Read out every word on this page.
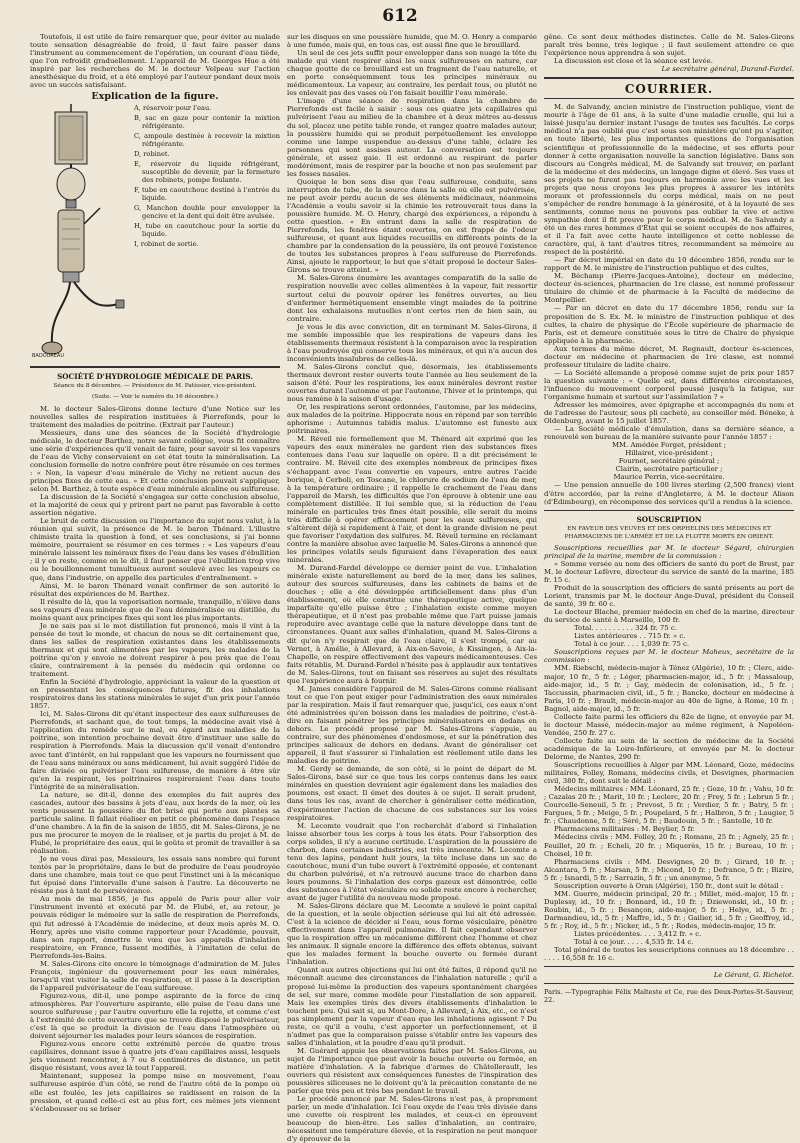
612

Toutefois, il est utile de faire remarquer que, pour éviter au malade toute sensation désagréable de froid, il faut faire passer dans l'instrument au commencement de l'opération, un courant d'eau tiède, que l'on refroidit graduellement. L'appareil de M. Georges Hue a été inspiré par les recherches de M. le docteur Velpeau sur l'action anesthésique du froid, et a été employé par l'auteur pendant deux mois avec un succès satisfaisant.

Explication de la figure.
BADOUREAU
A, réservoir pour l'eau.
B, sac en gaze pour contenir la mixtion réfrigérante.
C, ampoule destinée à recevoir la mixtion réfrigérante.
D, robinet.
E, réservoir du liquide réfrigérant, susceptible de devenir, par la fermeture des robinets, pompe foulante.
F, tube en caoutchouc destiné à l'entrée du liquide.
G, Manchon double pour envelopper la gencive et la dent qui doit être avulsée.
H, tube en caoutchouc pour la sortie du liquide.
I, robinet de sortie.
SOCIÉTÉ D'HYDROLOGIE MÉDICALE DE PARIS.
Séance du 8 décembre. — Présidence de M. Patissier, vice-président.
(Suite. — Voir le numéro du 16 décembre.)

M. le docteur Sales-Girons donne lecture d'une Notice sur les nouvelles salles de respiration instituées à Pierrefonds, pour le traitement des maladies de poitrine. (Extrait par l'auteur.)

Messieurs, dans une des séances de la Société d'hydrologie médicale, le docteur Barthez, notre savant collègue, vous fit connaître une série d'expériences qu'il venait de faire, pour savoir si les vapeurs de l'eau de Vichy conservaient en cet état toute la minéralisation. La conclusion formelle de notre confrère peut être résumée en ces termes : « Non, la vapeur d'eau minérale de Vichy ne retient aucun des principes fixes de cette eau. » Et cette conclusion pouvait s'appliquer, selon M. Barthez, à toute espèce d'eau minérale alcaline ou sulfureuse.

La discussion de la Société s'engagea sur cette conclusion absolue, et la majorité de ceux qui y prirent part ne parut pas favorable à cette assertion négative.

Le bruit de cette discussion ou l'importance du sujet nous valut, à la réunion qui suivit, la présence de M. le baron Thénard. L'illustre chimiste traita la question à fond, et ses conclusions, si j'ai bonne mémoire, pourraient se résumer en ces termes : « Les vapeurs d'eau minérale laissent les minéraux fixes de l'eau dans les vases d'ébullition ; il y en reste, comme on le dit, il faut penser que l'ébullition trop vive ou le bouillonnement tumultueux auront soulevé avec les vapeurs ce que, dans l'industrie, on appelle des particules d'entraînement. »

Ainsi, M. le baron Thénard venait confirmer de son autorité le résultat des expériences de M. Barthez.

Il résulte de là, que la vaporisation normale, tranquille, n'élève dans ses vapeurs d'eau minérale que de l'eau déminéralisée ou distillée, du moins quant aux principes fixes qui sont les plus importants.

Je ne sais pas si le mot distillation fut prononcé, mais il vint à la pensée de tout le monde, et chacun de nous se dit certainement que, dans les salles de respiration existantes dans les établissements thermaux et qui sont alimentées par les vapeurs, les malades de la poitrine qu'on y envoie ne doivent respirer à peu près que de l'eau claire, contrairement à la pensée du médecin qui ordonne ce traitement.

Enfin la Société d'hydrologie, appréciant la valeur de la question et en pressentant les conséquences futures, fit des inhalations respiratoires dans les stations minérales le sujet d'un prix pour l'année 1857.

Ici, M. Sales-Girons dit qu'étant inspecteur des eaux sulfureuses de Pierrefonds, et sachant que, de tout temps, la médecine avait visé à l'application du remède sur le mal, eu égard aux maladies de la poitrine, son intention prochaine devait être d'instituer une salle de respiration à Pierrefonds. Mais la discussion qu'il venait d'entendre avec tant d'intérêt, en lui rappelant que les vapeurs ne fournissent que de l'eau sans minéraux ou sans médicament, lui avait suggéré l'idée de faire divisée ou pulvériser l'eau sulfureuse, de manière à être sûr qu'en la respirant, les poitrinaires respireraient l'eau dans toute l'intégrité de sa minéralisation.

La nature, se dit-il, donne des exemples du fait auprès des cascades, autour des bassins à jets d'eau, aux bords de la mer, où les vents poussent la poussière du flot brisé qui porte aux plantes sa particule saline. Il fallait réaliser en petit ce phénomène dans l'espace d'une chambre. A la fin de la saison de 1855, dit M. Sales-Girons, je ne pus me procurer le moyen de le réaliser, et je partis du projet à M. de Flubé, le propriétaire des eaux, qui le goûta et promit de travailler à sa réalisation.

Je ne vous dirai pas, Messieurs, les essais sans nombre qui furent tentés par le propriétaire, dans le but de produire de l'eau poudroyée dans une chambre, mais tout ce que peut l'instinct uni à la mécanique fut épuisé dans l'intervalle d'une saison à l'autre. La découverte ne résiste pas à tant de persévérance.

Au mois de mai 1856, je fus appelé de Paris pour aller voir l'instrument inventé et exécuté par M. de Flubé, et, au retour, je pouvais rédiger le mémoire sur la salle de respiration de Pierrefonds, qui fut adressé à l'Académie de médecine, et deux mois après M. O. Henry, après une visite comme rapporteur pour l'Académie, pouvait, dans son rapport, émettre le vœu que les appareils d'inhalation respiratoire, en France, fussent modifiés, à l'imitation de celui de Pierrefonds-les-Bains.

M. Sales-Girons cite encore le témoignage d'admiration de M. Jules François, ingénieur du gouvernement pour les eaux minérales, lorsqu'il vint visiter la salle de respiration, et il passe à la description de l'appareil pulvérisateur de l'eau sulfureuse.

Figurez-vous, dit-il, une pompe aspirante de la force de cinq atmosphères. Par l'ouverture aspirante, elle puise de l'eau dans une source sulfureuse ; par l'autre ouverture elle la rejette, et comme c'est à l'extrémité de cette ouverture que se trouve disposé le pulvérisateur, c'est là que se produit la division de l'eau dans l'atmosphère où doivent séjourner les malades pour leurs séances de respiration.

Figurez-vous encore cette extrémité percée de quatre trous capillaires, donnant issue à quatre jets d'eau capillaires aussi, lesquels jets viennent rencontrer, à 7 ou 8 centimètres de distance, un petit disque résistant, vous avez là tout l'appareil.

Maintenant, supposez la pompe mise en mouvement, l'eau sulfureuse aspirée d'un côté, se rend de l'autre côté de la pompe où elle est foulée, les jets capillaires se raidissent en raison de la pression, et quand celle-ci est au plus fort, ces mêmes jets viennent s'éclabousser ou se briser

sur les disques en une poussière humide, que M. O. Henry a comparée à une fumée, mais qui, en tous cas, est aussi fine que le brouillard.

Un seul de ces jets suffit pour envelopper dans son nuage la tête du malade qui vient respirer ainsi les eaux sulfureuses en nature, car chaque goutte de ce brouillard est un fragment de l'eau naturelle, et en porte conséquemment tous les principes minéraux ou médicamenteux. La vapeur, au contraire, les perdait tous, ou plutôt ne les enlevait pas des vases où l'on faisait bouillir l'eau minérale.

L'image d'une séance de respiration dans la chambre de Pierrefonds est facile à saisir : sous ces quatre jets capillaires qui pulvérisent l'eau au milieu de la chambre et à deux mètres au-dessus du sol, placez une petite table ronde, et rangez quatre malades autour, la poussière humide qui se produit perpétuellement les enveloppe comme une lampe suspendue au-dessus d'une table, éclaire les personnes qui sont assises autour. La conversation est toujours générale, et assez gaie. Il est ordonné au respirant de parler modérément, mais de respirer par la bouche et non pas seulement par les fosses nasales.

Quoique le bon sens dise que l'eau sulfureuse, conduite, sans interruption de tube, de la source dans la salle où elle est pulvérisée, ne peut avoir perdu aucun de ses éléments médicinaux, néanmoins l'Académie a voulu savoir si la chimie les retrouverait tous dans la poussière humide. M. O. Henry, chargé des expériences, a répondu à cette question. « En entrant dans la salle de respiration de Pierrefonds, les fenêtres étant ouvertes, on est frappé de l'odeur sulfureuse, et quant aux liquides recueillis en différents points de la chambre par la condensation de la poussière, ils ont prouvé l'existence de toutes les substances propres à l'eau sulfureuse de Pierrefonds. Ainsi, ajoute le rapporteur, le but que s'était proposé le docteur Sales-Girons se trouve atteint. »

M. Sales-Girons énumère les avantages comparatifs de la salle de respiration nouvelle avec celles alimentées à la vapeur, fait ressortir surtout celui de pouvoir opérer les fenêtres ouvertes, au lieu d'enfermer hermétiquement ensemble vingt malades de la poitrine dont les exhalaisons mutuelles n'ont certes rien de bien sain, au contraire.

Je vous le dis avec conviction, dit en terminant M. Sales-Girons, il me semble impossible que les respirations de vapeurs dans les établissements thermaux résistent à la comparaison avec la respiration à l'eau poudroyée qui conserve tous les minéraux, et qui n'a aucun des inconvénients insalubres de celles-là.

M. Sales-Girons conclut que, désormais, les établissements thermaux devront rester ouverts toute l'année au lieu seulement de la saison d'été. Pour les respirations, les eaux minérales devront rester ouvertes durant l'automne et par l'automne, l'hiver et le printemps, qui nous ramène à la saison d'usage.

Or, les respirations seront ordonnées, l'automne, par les médecins, aux malades de la poitrine. Hippocrate nous en répond par son terrible aphorisme : Autumnus tabidis malus. L'automne est funeste aux poitrinaires.

M. Réveil nie formellement que M. Thénard ait exprimé que les vapeurs des eaux minérales ne gardent rien des substances fixes contenues dans l'eau sur laquelle on opère. Il a dit précisément le contraire. M. Réveil cite des exemples nombreux de principes fixes s'échappant avec l'eau convertie en vapeurs, entre autres l'acide borique, à Cerboli, en Toscane, le chlorure de sodium de l'eau de mer, à la température ordinaire ; il rappelle le crachement de l'eau dans l'appareil de Marsh, les difficultés que l'on éprouve à obtenir une eau complètement distillée. Il lui semble que, si la réduction de l'eau minérale en particules très fines était possible, elle serait du moins très difficile à opérer efficacement pour les eaux sulfureuses, qui s'altèrent déjà si rapidement à l'air, et dont la grande division ne peut que favoriser l'oxydation des sulfures. M. Réveil termine en réclamant contre la manière absolue avec laquelle M. Sales-Girons a annoncé que les principes volatils seuls figuraient dans l'évaporation des eaux minérales.

M. Durand-Fardel développe ce dernier point de vue. L'inhalation minérale existe naturellement au bord de la mer, dans les salines, autour des sources sulfureuses, dans les cabinets de bains et de douches ; elle a été développée artificiellement dans plus d'un établissement, où elle constitue une thérapeutique active, quelque imparfaite qu'elle puisse être ; l'inhalation existe comme moyen thérapeutique, et il n'est pas probable même que l'art puisse jamais reproduire avec avantage celle que la nature développe dans tant de circonstances. Quant aux salles d'inhalation, quand M. Sales-Girons a dit qu'on n'y respirait que de l'eau claire, il s'est trompé, car au Vernet, à Amélie, à Allevard, à Aix-en-Savoie, à Kissingen, à Aix-la-Chapelle, on respire effectivement des vapeurs médicamenteuses. Ces faits rétablis, M. Durand-Fardel n'hésite pas à applaudir aux tentatives de M. Sales-Girons, tout en faisant ses réserves au sujet des résultats que l'expérience aura à fournir.

M. James considère l'appareil de M. Sales-Girons comme réalisant tout ce que l'on peut exiger pour l'administration des eaux minérales par la respiration. Mais il faut remarquer que, jusqu'ici, ces eaux n'ont été administrées qu'en boisson dans les maladies de poitrine, c'est-à-dire en faisant pénétrer les principes minéralisateurs en dedans en dehors. Le procédé proposé par M. Sales-Girons s'appuie, au contraire, sur des phénomènes d'endosmose, et sur la pénétration des principes salicaux de dehors en dedans. Avant de généraliser cet appareil, il faut s'assurer si l'inhalation est réellement utile dans les maladies de poitrine.

M. Gerdy se demande, de son côté, si le point de départ de M. Sales-Girons, basé sur ce que tous les corps contenus dans les eaux minérales en question devraient agir également dans les maladies des poumons, est exact. Il émet des doutes à ce sujet. Il serait prudent, dans tous les cas, avant de chercher à généraliser cette médication, d'expérimenter l'action de chacune de ces substances sur les voies respiratoires.

M. Lecomte voudrait que l'on recherchât d'abord si l'inhalation laisse absorber tous les corps à tous les états. Pour l'absorption des corps solides, il n'y a aucune certitude. L'aspiration de la poussière de charbon, dans certaines industries, est très innocente. M. Lecomte a tenu des lapins, pendant huit jours, la tête incluse dans un sac de caoutchouc, muni d'un tube ouvert à l'extrémité opposée, et contenant du charbon pulvérisé, et n'a retrouvé aucune trace de charbon dans leurs poumons. Si l'inhalation des corps gazeux est démontrée, celle des substances à l'état vésiculaire ou solide reste encore à rechercher, avant de juger l'utilité du nouveau mode proposé.

M. Sales-Girons déclare que M. Lecomte a soulevé le point capital de la question, et la seule objection sérieuse qui lui ait été adressée. C'est à la science de décider si l'eau, sous forme vésiculaire, pénètre effectivement dans l'appareil pulmonaire. Il fait cependant observer que la respiration offre un mécanisme différent chez l'homme et chez les animaux. Il signale encore la différence des effets obtenus, suivant que les malades ferment la bouche ouverte ou fermée durant l'inhalation.

Quant aux autres objections qui lui ont été faites, il répond qu'il ne méconnaît aucune des circonstances de l'inhalation naturelle ; qu'il a proposé lui-même la production des vapeurs spontanément chargées de sel, sur mare, comme modèle pour l'installation de son appareil. Mais les exemples tirés des divers établissements d'inhalation le touchent peu. Qui sait si, au Mont-Dore, à Allevard, à Aix, etc., ce n'est pas simplement par la vapeur d'eau que les inhalations agissent ? Du reste, ce qu'il a voulu, c'est apporter un perfectionnement, et il n'admet pas que la comparaison puisse s'établir entre les vapeurs des salles d'inhalation, et la poudre d'eau qu'il produit.

M. Guérard appuie les observations faites par M. Sales-Girons, au sujet de l'importance que peut avoir la bouche ouverte ou fermée, en matière d'inhalation. A la fabrique d'armes de Châtellerault, les ouvriers qui résistent aux conséquences funestes de l'inspiration des poussières siliceuses ne le doivent qu'à la précaution constante de ne parler que très peu et très bas pendant le travail.

Le procédé annoncé par M. Sales-Girons n'est pas, à proprement parler, un mode d'inhalation. Ici l'eau oxyde de l'eau très divisée dans une cuvette où respirent les malades, et ceux-ci en éprouvent beaucoup de bien-être. Les salles d'inhalation, au contraire, nécessitent une température élevée, et la respiration ne peut manquer d'y éprouver de la

gêne. Ce sont deux méthodes distinctes. Celle de M. Sales-Girons paraît très bonne, très logique ; il faut seulement attendre ce que l'expérience nous apprendra à son sujet.

La discussion est close et la séance est levée.

Le secrétaire général, Durand-Fardel.
COURRIER.

M. de Salvandy, ancien ministre de l'instruction publique, vient de mourir à l'âge de 61 ans, à la suite d'une maladie cruelle, qui lui a laissé jusqu'au dernier instant l'usage de toutes ses facultés. Le corps médical n'a pas oublié que c'est sous son ministère qu'ont pu s'agiter, en toute liberté, les plus importantes questions de l'organisation scientifique et professionnelle de la médecine, et ses efforts pour donner à cette organisation nouvelle la sanction législative. Dans son discours au Congrès médical, M. de Salvandy sut trouver, en parlant de la médecine et des médecins, un langage digne et élevé. Ses vues et ses projets ne furent pas toujours en harmonie avec les vues et les projets que nous croyons les plus propres à assurer les intérêts moraux et professionnels du corps médical, mais on ne peut s'empêcher de rendre hommage à la générosité, et à la loyauté de ses sentiments, comme nous ne pouvons pas oublier la vive et active sympathie dont il fit preuve pour le corps médical. M. de Salvandy a été un des rares hommes d'État qui se soient occupés de nos affaires, et il l'a fait avec cette haute intelligence et cette noblesse de caractère, qui, à tant d'autres titres, recommandent sa mémoire au respect de la postérité.

— Par décret impérial en date du 10 décembre 1856, rendu sur le rapport de M. le ministre de l'instruction publique et des cultes,

M. Béchamp (Pierre-Jacques-Antoine), docteur en médecine, docteur ès-sciences, pharmacien de 1re classe, est nommé professeur titulaire de chimie et de pharmacie à la Faculté de médecine de Montpellier.

— Par un décret en date du 17 décembre 1856, rendu sur la proposition de S. Ex. M. le ministre de l'instruction publique et des cultes, la chaire de physique de l'École supérieure de pharmacie de Paris, est et demeure constituée sous le titre de Chaire de physique appliquée à la pharmacie.

Aux termes du même décret, M. Regnault, docteur ès-sciences, docteur en médecine et pharmacien de 1re classe, est nommé professeur titulaire de ladite chaire.

— La Société allemande a proposé comme sujet de prix pour 1857 la question suivante : « Quelle est, dans différentes circonstances, l'influence du mouvement corporel poussé jusqu'à la fatigue, sur l'organisme humain et surtout sur l'assimilation ? »

Adresser les mémoires, avec épigraphe et accompagnés du nom et de l'adresse de l'auteur, sous pli cacheté, au conseiller méd. Béneke, à Oldenburg, avant le 15 juillet 1857.

— La Société médicale d'émulation, dans sa dernière séance, a renouvelé son bureau de la manière suivante pour l'année 1857 :

MM. Amédée Forget, président ;

Hillairet, vice-président ;

Fournet, secrétaire général ;

Clairin, secrétaire particulier ;

Maurice Perrin, vice-secrétaire.

— Une pension annuelle de 100 livres sterling (2,500 francs) vient d'être accordée, par la reine d'Angleterre, à M. le docteur Alison (d'Édimbourg), en récompense des services qu'il a rendus à la science.

SOUSCRIPTION
EN FAVEUR DES VEUVES ET DES ORPHELINS DES MÉDECINS ET PHARMACIENS DE L'ARMÉE ET DE LA FLOTTE MORTS EN ORIENT.

Souscriptions recueillies par M. le docteur Ségard, chirurgien principal de la marine, membre de la commission :

« Somme versée au nom des officiers de santé du port de Brest, par M. le docteur Lefèvre, directeur du service de santé de la marine, 185 fr. 15 c.

Produit de la souscription des officiers de santé présents au port de Lorient, transmis par M. le docteur Ange-Duval, président du Conseil de santé, 39 fr. 60 c.

Le docteur Blache, premier médecin en chef de la marine, directeur du service de santé à Marseille, 100 fr.

Total. . . . . . . . . . 324 fr. 75 c.
Listes antérieures . . 715 fr. » c.
Total à ce jour. . . . 1,039 fr. 75 c.

Souscriptions reçues par M. le docteur Maheux, secrétaire de la commission :

MM. Riebschl, médecin-major à Ténez (Algérie), 10 fr. ; Clerc, aide-major, 10 fr., 5 fr. ; Léger, pharmacien-major, id., 5 fr. ; Massaloup, aide-major, id., 5 fr. ; Gay, médecin de colonisation, id., 5 fr. ; Taccussin, pharmacien civil, id., 5 fr. ; Bancke, docteur en médecine à Paris, 10 fr. ; Brault, médecin-major au 40e de ligne, à Rome, 10 fr. ; Bagnol, aide-major, id., 5 fr.

Collecte faite parmi les officiers du 82e de ligne, et envoyée par M. le docteur Massé, médecin-major au même régiment, à Napoléon-Vendée, 250 fr. 27 c.

Collecte faite au sein de la section de médecine de la Société académique de la Loire-Inférieure, et envoyée par M. le docteur Delorme, de Nantes, 290 fr.

Souscriptions recueillies à Alger par MM. Léonard, Goze, médecins militaires, Folley, Romans, médecins civils, et Desvignes, pharmacien civil, 380 fr., dont suit le détail :

Médecins militaires : MM. Léonard, 25 fr. ; Goze, 10 fr. ; Vahu, 10 fr. ; Cazalas 20 fr. ; Marit, 10 fr. ; Leclerc, 20 fr. ; Frey, 5 fr. ; Lebrun 5 fr. ; Courcelle-Seneuil, 5 fr. ; Prevost, 5 fr. ; Verdier, 5 fr. ; Batry, 5 fr. ; Fargues, 5 fr. ; Meige, 5 fr. ; Poupelard, 5 fr. ; Halbron, 5 fr. ; Laugier, 5 fr. ; Chaudonne, 5 fr. ; Séré, 5 fr. ; Baudouin, 5 fr. ; Santelle, 10 fr.

Pharmaciens militaires : M. Beylier, 5 fr.

Médecins civils : MM. Folley, 20 fr. ; Romane, 25 fr. ; Agnely, 25 fr. ; Feuillet, 20 fr. ; Echeli, 20 fr. ; Miquerès, 15 fr. ; Bureau, 10 fr. ; Choisel, 10 fr.

Pharmaciens civils : MM. Desvignes, 20 fr. ; Girard, 10 fr. ; Alcantara, 5 fr. ; Marsan, 5 fr. ; Micond, 10 fr. ; Defrance, 5 fr. ; Bizire, 5 fr. ; Isnardi, 5 fr. ; Sarrazin, 5 fr. ; un anonyme, 5 fr.

Souscription ouverte à Oran (Algérie), 150 fr., dont suit le détail :

MM. Guerre, médecin principal, 20 fr. ; Millet, méd.-major, 15 fr. ; Duplessy, id., 10 fr. ; Bonnard, id., 10 fr. ; Dziewonski, id., 10 fr. ; Roubin, id., 5 fr. ; Besançon, aide-major, 5 fr. ; Helye, id., 5 fr. ; Darmandieu, id., 5 fr. ; Maffre, id., 5 fr. ; Gailier, id., 5 fr. ; Geoffroy, id., 5 fr. ; Roy, id., 5 fr. ; Nicker, id., 5 fr. ; Rodes, médecin-major, 15 fr.

Listes précédentes. . . . 3,412 fr. » c.
Total à ce jour. . . . . 4,535 fr. 14 c.

Total général de toutes les souscriptions connues au 18 décembre . . . . . . 16,558 fr. 16 c.

Le Gérant, G. Richelot.
Paris. —Typographie Félix Malteste et Ce, rue des Deux-Portes-St-Sauveur, 22.
